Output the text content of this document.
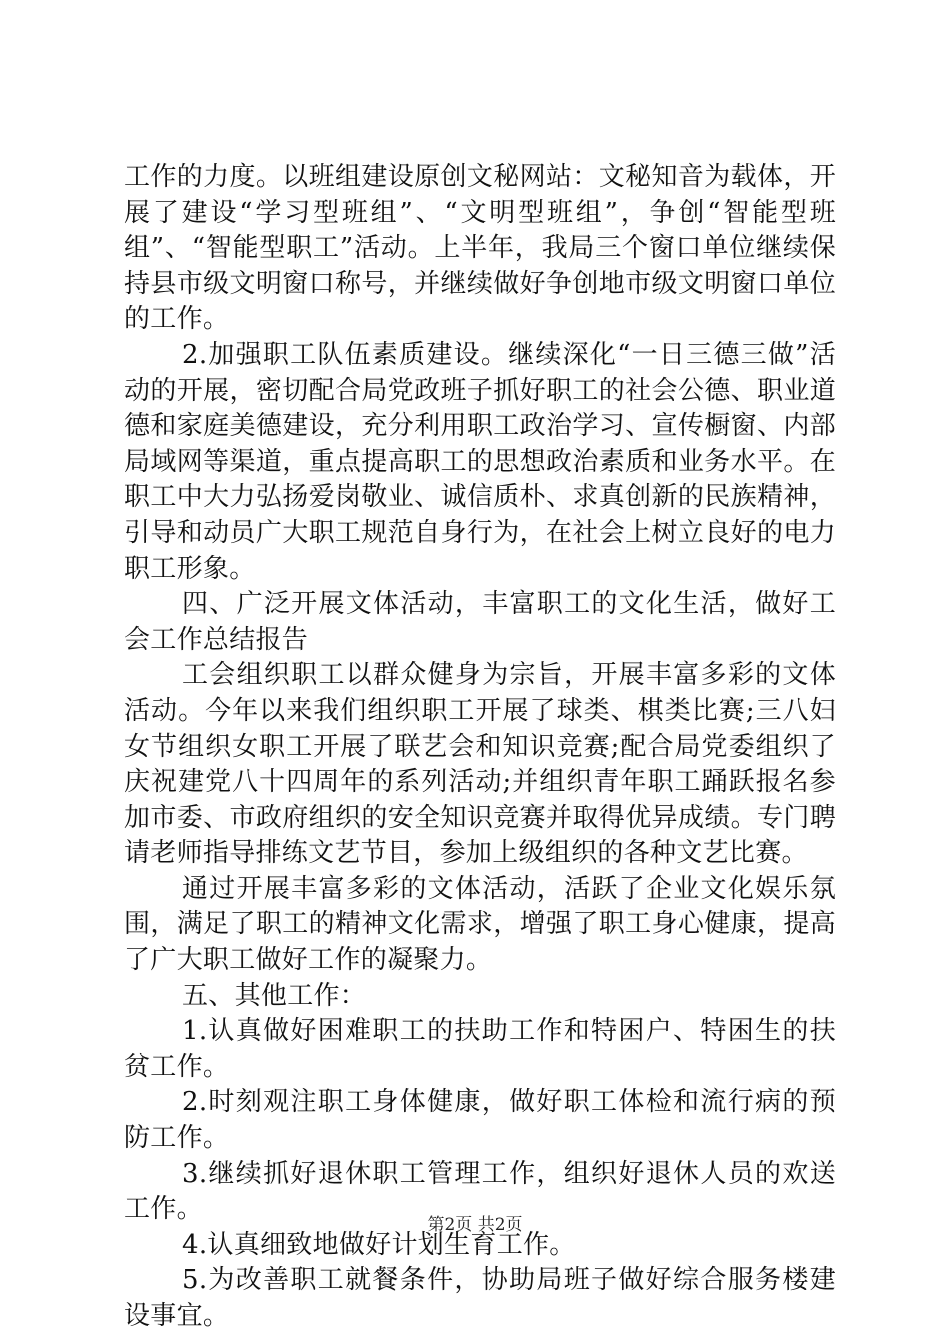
工作的力度。以班组建设原创文秘网站：文秘知音为载体，开展了建设“学习型班组”、“文明型班组”，争创“智能型班组”、“智能型职工”活动。上半年，我局三个窗口单位继续保持县市级文明窗口称号，并继续做好争创地市级文明窗口单位的工作。

2.加强职工队伍素质建设。继续深化“一日三德三做”活动的开展，密切配合局党政班子抓好职工的社会公德、职业道德和家庭美德建设，充分利用职工政治学习、宣传橱窗、内部局域网等渠道，重点提高职工的思想政治素质和业务水平。在职工中大力弘扬爱岗敬业、诚信质朴、求真创新的民族精神，引导和动员广大职工规范自身行为，在社会上树立良好的电力职工形象。

四、广泛开展文体活动，丰富职工的文化生活，做好工会工作总结报告

工会组织职工以群众健身为宗旨，开展丰富多彩的文体活动。今年以来我们组织职工开展了球类、棋类比赛;三八妇女节组织女职工开展了联艺会和知识竞赛;配合局党委组织了庆祝建党八十四周年的系列活动;并组织青年职工踊跃报名参加市委、市政府组织的安全知识竞赛并取得优异成绩。专门聘请老师指导排练文艺节目，参加上级组织的各种文艺比赛。

通过开展丰富多彩的文体活动，活跃了企业文化娱乐氛围，满足了职工的精神文化需求，增强了职工身心健康，提高了广大职工做好工作的凝聚力。

五、其他工作：

1.认真做好困难职工的扶助工作和特困户、特困生的扶贫工作。

2.时刻观注职工身体健康，做好职工体检和流行病的预防工作。

3.继续抓好退休职工管理工作，组织好退休人员的欢送工作。

4.认真细致地做好计划生育工作。

5.为改善职工就餐条件，协助局班子做好综合服务楼建设事宜。

第2页 共2页
